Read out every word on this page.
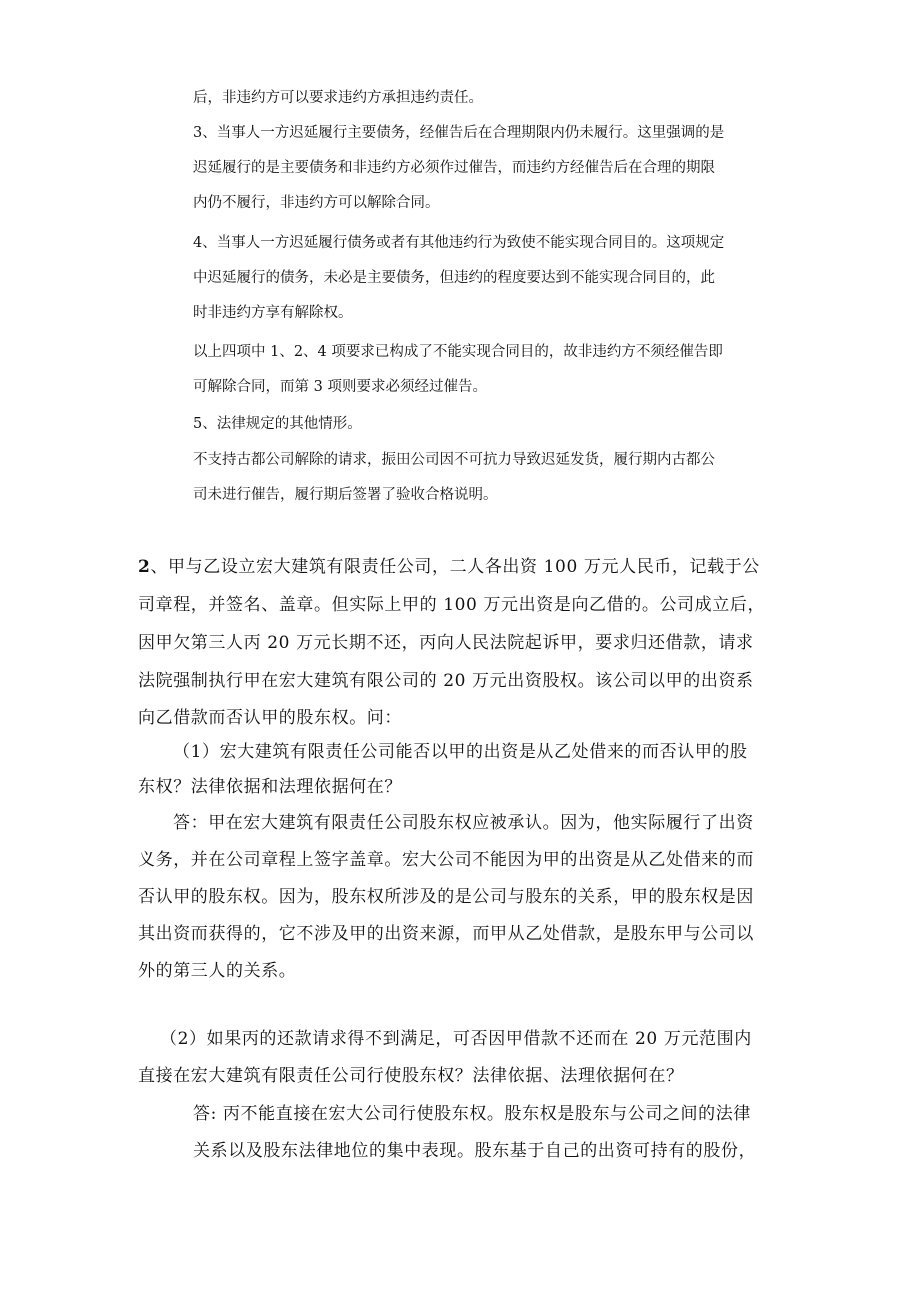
后，非违约方可以要求违约方承担违约责任。
3、当事人一方迟延履行主要债务，经催告后在合理期限内仍未履行。这里强调的是
迟延履行的是主要债务和非违约方必须作过催告，而违约方经催告后在合理的期限
内仍不履行，非违约方可以解除合同。
4、当事人一方迟延履行债务或者有其他违约行为致使不能实现合同目的。这项规定
中迟延履行的债务，未必是主要债务，但违约的程度要达到不能实现合同目的，此
时非违约方享有解除权。
以上四项中 1、2、4 项要求已构成了不能实现合同目的，故非违约方不须经催告即
可解除合同，而第 3 项则要求必须经过催告。
5、法律规定的其他情形。
不支持古都公司解除的请求，振田公司因不可抗力导致迟延发货，履行期内古都公
司未进行催告，履行期后签署了验收合格说明。
2、甲与乙设立宏大建筑有限责任公司，二人各出资 100 万元人民币，记载于公
司章程，并签名、盖章。但实际上甲的 100 万元出资是向乙借的。公司成立后，
因甲欠第三人丙 20 万元长期不还，丙向人民法院起诉甲，要求归还借款，请求
法院强制执行甲在宏大建筑有限公司的 20 万元出资股权。该公司以甲的出资系
向乙借款而否认甲的股东权。问：
（1）宏大建筑有限责任公司能否以甲的出资是从乙处借来的而否认甲的股
东权？法律依据和法理依据何在？
答：甲在宏大建筑有限责任公司股东权应被承认。因为，他实际履行了出资
义务，并在公司章程上签字盖章。宏大公司不能因为甲的出资是从乙处借来的而
否认甲的股东权。因为，股东权所涉及的是公司与股东的关系，甲的股东权是因
其出资而获得的，它不涉及甲的出资来源，而甲从乙处借款，是股东甲与公司以
外的第三人的关系。
（2）如果丙的还款请求得不到满足，可否因甲借款不还而在 20 万元范围内
直接在宏大建筑有限责任公司行使股东权？法律依据、法理依据何在？
答: 丙不能直接在宏大公司行使股东权。股东权是股东与公司之间的法律
关系以及股东法律地位的集中表现。股东基于自己的出资可持有的股份，
